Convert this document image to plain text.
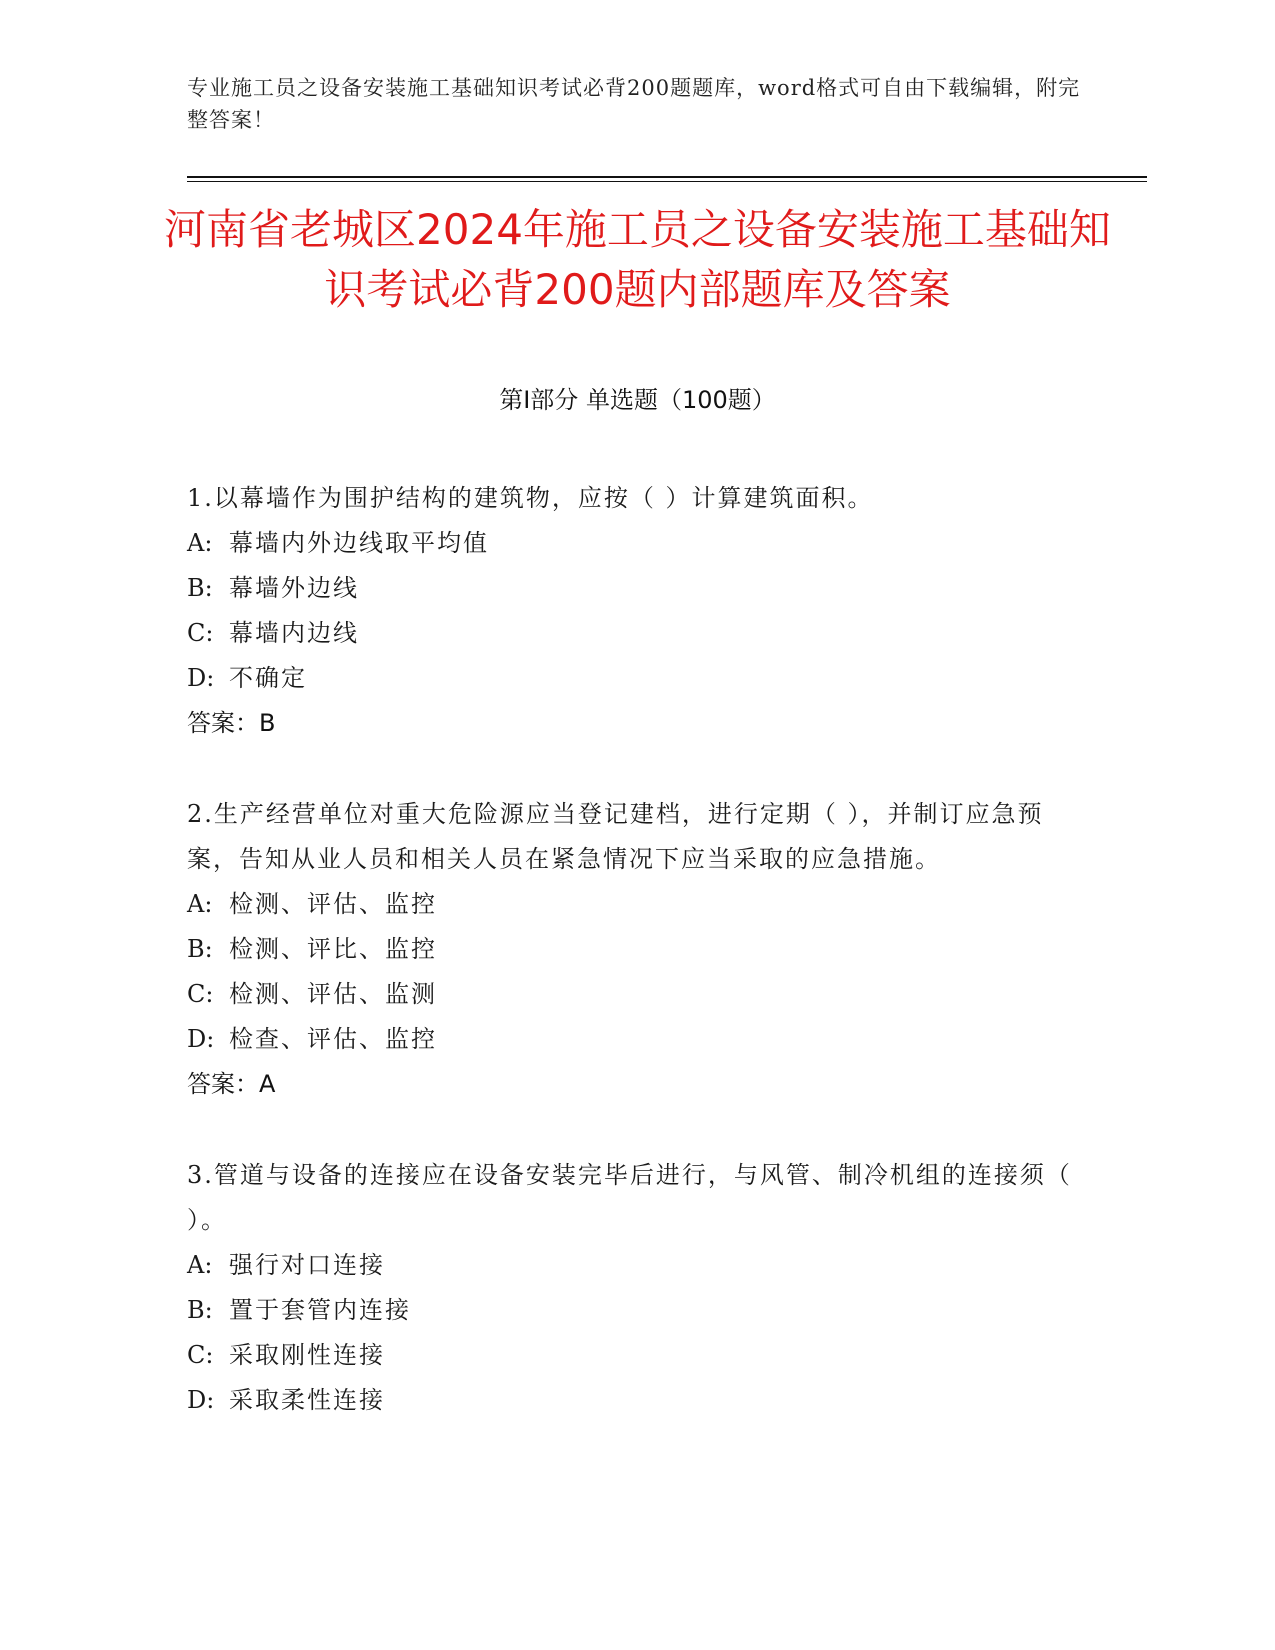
专业施工员之设备安装施工基础知识考试必背200题题库，word格式可自由下载编辑，附完整答案！
河南省老城区2024年施工员之设备安装施工基础知识考试必背200题内部题库及答案
第Ⅰ部分 单选题（100题）
1.以幕墙作为围护结构的建筑物，应按（ ）计算建筑面积。
A: 幕墙内外边线取平均值
B: 幕墙外边线
C: 幕墙内边线
D: 不确定
答案：B
2.生产经营单位对重大危险源应当登记建档，进行定期（ ），并制订应急预案，告知从业人员和相关人员在紧急情况下应当采取的应急措施。
A: 检测、评估、监控
B: 检测、评比、监控
C: 检测、评估、监测
D: 检查、评估、监控
答案：A
3.管道与设备的连接应在设备安装完毕后进行，与风管、制冷机组的连接须（ ）。
A: 强行对口连接
B: 置于套管内连接
C: 采取刚性连接
D: 采取柔性连接
